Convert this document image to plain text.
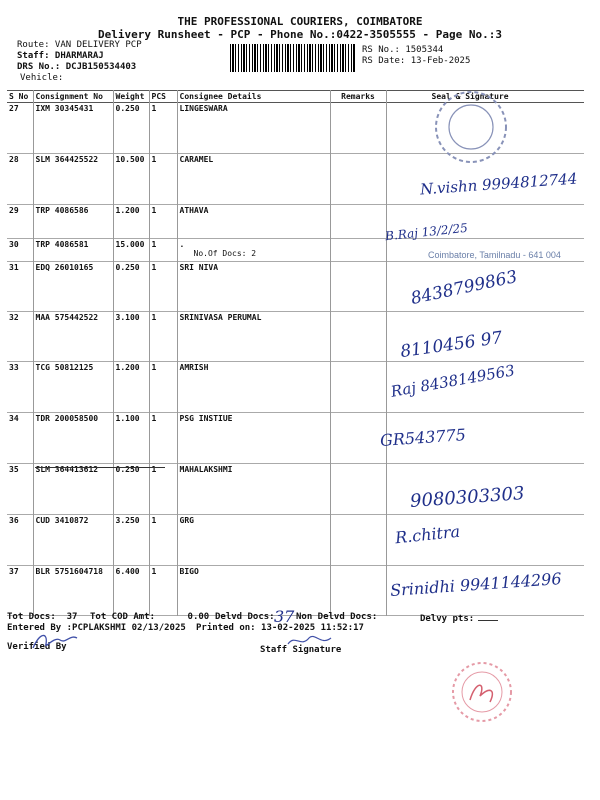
THE PROFESSIONAL COURIERS, COIMBATORE
Delivery Runsheet - PCP - Phone No.:0422-3505555 - Page No.:3
Route: VAN DELIVERY PCP
Staff: DHARMARAJ
DRS No.: DCJB150534403
Vehicle:
RS No.: 1505344
RS Date: 13-Feb-2025
S No	Consignment No	Weight	PCS	Consignee Details	Remarks	Seal & Signature
27	IXM 30345431	0.250	1	LINGESWARA		
28	SLM 364425522	10.500	1	CARAMEL		
29	TRP 4086586	1.200	1	ATHAVA		
30	TRP 4086581	15.000	1	.
No.Of Docs: 2		

31	EDQ 26010165	0.250	1	SRI NIVA		
32	MAA 575442522	3.100	1	SRINIVASA PERUMAL		
33	TCG 50812125	1.200	1	AMRISH		
34	TDR 200058500	1.100	1	PSG INSTIUE		
35	SLM 364413612	0.250	1	MAHALAKSHMI		
36	CUD 3410872	3.250	1	GRG		
37	BLR 5751604718	6.400	1	BIGO		
N.vishn 9994812744
B.Raj 13/2/25
Coimbatore, Tamilnadu - 641 004
8438799863
8110456 97
Raj 8438149563
GR543775
9080303303
R.chitra
Srinidhi 9941144296
Tot Docs:  37 Tot COD Amt:      0.00 Delvd Docs: 37 Non Delvd Docs:	Delvy pts:
Entered By :PCPLAKSHMI 02/13/2025 Printed on: 13-02-2025 11:52:17
Verified By	Staff Signature
